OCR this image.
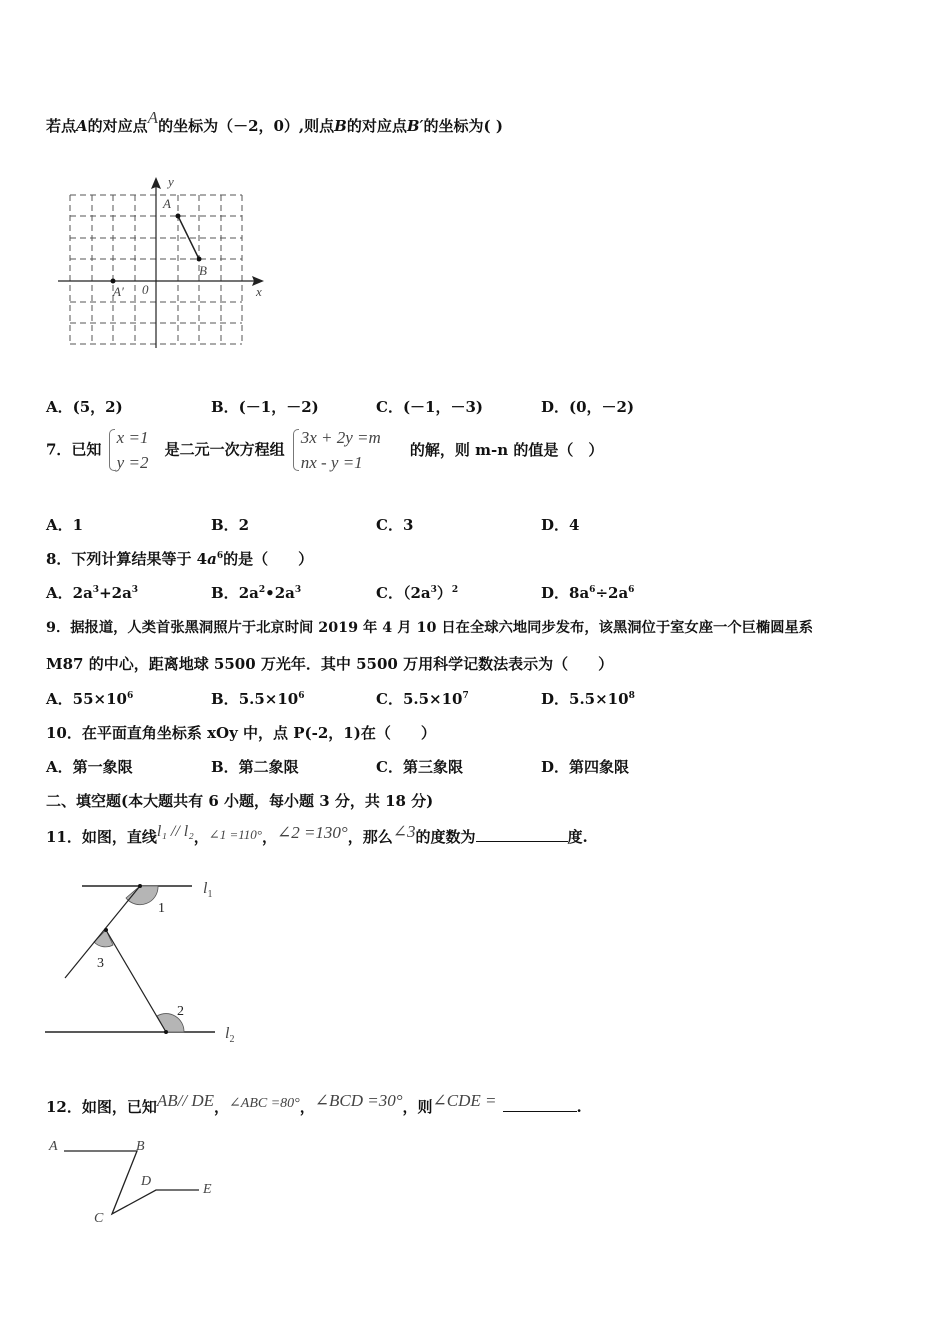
若点A的对应点A的坐标为（－2，0）,则点B的对应点B′的坐标为( )
y
x
A
B
A′ 0
A．(5，2)	B．(－1，－2)	C．(－1，－3)	D．(0，－2)
7．已知 x =1
y =2是二元一次方程组3x + 2y =m
nx - y =1 的解，则 m-n 的值是（　）
A．1	B．2	C．3	D．4
8．下列计算结果等于 $4a^6$的是（　　）
A．$2a^3+2a^3$	B．$2a^2•2a^3$	C．$(2a^3)^2$	D．$8a^6\div 2a^6$
9．据报道，人类首张黑洞照片于北京时间 2019 年 4 月 10 日在全球六地同步发布，该黑洞位于室女座一个巨椭圆星系
M87 的中心，距离地球 5500 万光年．其中 5500 万用科学记数法表示为（　　）
A．$55\times 10^6$	B．$5.5\times 10^6$	C．$5.5\times 10^7$	D．$5.5\times 10^8$
10．在平面直角坐标系 xOy 中，点 P(-2，1)在（　　）
A．第一象限	B．第二象限	C．第三象限	D．第四象限
二、填空题(本大题共有 6 小题，每小题 3 分，共 18 分)
11．如图，直线l₁ // l₂，∠1 =110°，∠2 =130°，那么∠3的度数为	度.
1
3
2
$l_1$
$l_2$
12．如图，已知AB// DE，∠ABC =80°，∠BCD =30°，则∠CDE =	.
A	B
C
D
E
